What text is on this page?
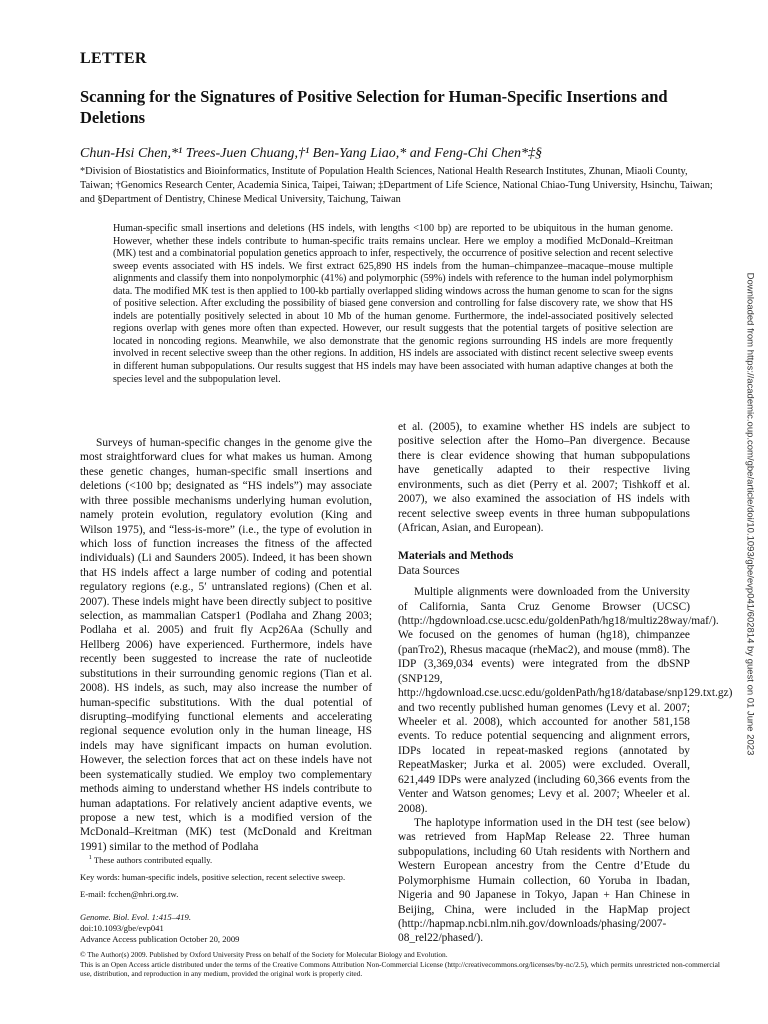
LETTER
Scanning for the Signatures of Positive Selection for Human-Specific Insertions and Deletions
Chun-Hsi Chen,*¹ Trees-Juen Chuang,†¹ Ben-Yang Liao,* and Feng-Chi Chen*‡§
*Division of Biostatistics and Bioinformatics, Institute of Population Health Sciences, National Health Research Institutes, Zhunan, Miaoli County, Taiwan; †Genomics Research Center, Academia Sinica, Taipei, Taiwan; ‡Department of Life Science, National Chiao-Tung University, Hsinchu, Taiwan; and §Department of Dentistry, Chinese Medical University, Taichung, Taiwan

Human-specific small insertions and deletions (HS indels, with lengths <100 bp) are reported to be ubiquitous in the human genome. However, whether these indels contribute to human-specific traits remains unclear. Here we employ a modified McDonald–Kreitman (MK) test and a combinatorial population genetics approach to infer, respectively, the occurrence of positive selection and recent selective sweep events associated with HS indels. We first extract 625,890 HS indels from the human–chimpanzee–macaque–mouse multiple alignments and classify them into nonpolymorphic (41%) and polymorphic (59%) indels with reference to the human indel polymorphism data. The modified MK test is then applied to 100-kb partially overlapped sliding windows across the human genome to scan for the signs of positive selection. After excluding the possibility of biased gene conversion and controlling for false discovery rate, we show that HS indels are potentially positively selected in about 10 Mb of the human genome. Furthermore, the indel-associated positively selected regions overlap with genes more often than expected. However, our result suggests that the potential targets of positive selection are located in noncoding regions. Meanwhile, we also demonstrate that the genomic regions surrounding HS indels are more frequently involved in recent selective sweep than the other regions. In addition, HS indels are associated with distinct recent selective sweep events in different human subpopulations. Our results suggest that HS indels may have been associated with human adaptive changes at both the species level and the subpopulation level.

Surveys of human-specific changes in the genome give the most straightforward clues for what makes us human. Among these genetic changes, human-specific small insertions and deletions (<100 bp; designated as “HS indels”) may associate with three possible mechanisms underlying human evolution, namely protein evolution, regulatory evolution (King and Wilson 1975), and “less-is-more” (i.e., the type of evolution in which loss of function increases the fitness of the affected individuals) (Li and Saunders 2005). Indeed, it has been shown that HS indels affect a large number of coding and potential regulatory regions (e.g., 5′ untranslated regions) (Chen et al. 2007). These indels might have been directly subject to positive selection, as mammalian Catsper1 (Podlaha and Zhang 2003; Podlaha et al. 2005) and fruit fly Acp26Aa (Schully and Hellberg 2006) have experienced. Furthermore, indels have recently been suggested to increase the rate of nucleotide substitutions in their surrounding genomic regions (Tian et al. 2008). HS indels, as such, may also increase the number of human-specific substitutions. With the dual potential of disrupting–modifying functional elements and accelerating regional sequence evolution only in the human lineage, HS indels may have significant impacts on human evolution. However, the selection forces that act on these indels have not been systematically studied. We employ two complementary methods aiming to understand whether HS indels contribute to human adaptations. For relatively ancient adaptive events, we propose a new test, which is a modified version of the McDonald–Kreitman (MK) test (McDonald and Kreitman 1991) similar to the method of Podlaha

et al. (2005), to examine whether HS indels are subject to positive selection after the Homo–Pan divergence. Because there is clear evidence showing that human subpopulations have genetically adapted to their respective living environments, such as diet (Perry et al. 2007; Tishkoff et al. 2007), we also examined the association of HS indels with recent selective sweep events in three human subpopulations (African, Asian, and European).

Materials and Methods
Data Sources

Multiple alignments were downloaded from the University of California, Santa Cruz Genome Browser (UCSC) (http://hgdownload.cse.ucsc.edu/goldenPath/hg18/multiz28way/maf/). We focused on the genomes of human (hg18), chimpanzee (panTro2), Rhesus macaque (rheMac2), and mouse (mm8). The IDP (3,369,034 events) were integrated from the dbSNP (SNP129, http://hgdownload.cse.ucsc.edu/goldenPath/hg18/database/snp129.txt.gz) and two recently published human genomes (Levy et al. 2007; Wheeler et al. 2008), which accounted for another 581,158 events. To reduce potential sequencing and alignment errors, IDPs located in repeat-masked regions (annotated by RepeatMasker; Jurka et al. 2005) were excluded. Overall, 621,449 IDPs were analyzed (including 60,366 events from the Venter and Watson genomes; Levy et al. 2007; Wheeler et al. 2008).

The haplotype information used in the DH test (see below) was retrieved from HapMap Release 22. Three human subpopulations, including 60 Utah residents with Northern and Western European ancestry from the Centre d’Etude du Polymorphisme Humain collection, 60 Yoruba in Ibadan, Nigeria and 90 Japanese in Tokyo, Japan + Han Chinese in Beijing, China, were included in the HapMap project (http://hapmap.ncbi.nlm.nih.gov/downloads/phasing/2007-08_rel22/phased/).

 $^1$ These authors contributed equally.

Key words: human-specific indels, positive selection, recent selective sweep.

E-mail: fcchen@nhri.org.tw.

Genome. Biol. Evol. 1:415–419.
doi:10.1093/gbe/evp041
Advance Access publication October 20, 2009
© The Author(s) 2009. Published by Oxford University Press on behalf of the Society for Molecular Biology and Evolution.
This is an Open Access article distributed under the terms of the Creative Commons Attribution Non-Commercial License (http://creativecommons.org/licenses/by-nc/2.5), which permits unrestricted non-commercial use, distribution, and reproduction in any medium, provided the original work is properly cited.
Downloaded from https://academic.oup.com/gbe/article/doi/10.1093/gbe/evp041/602814 by guest on 01 June 2023
